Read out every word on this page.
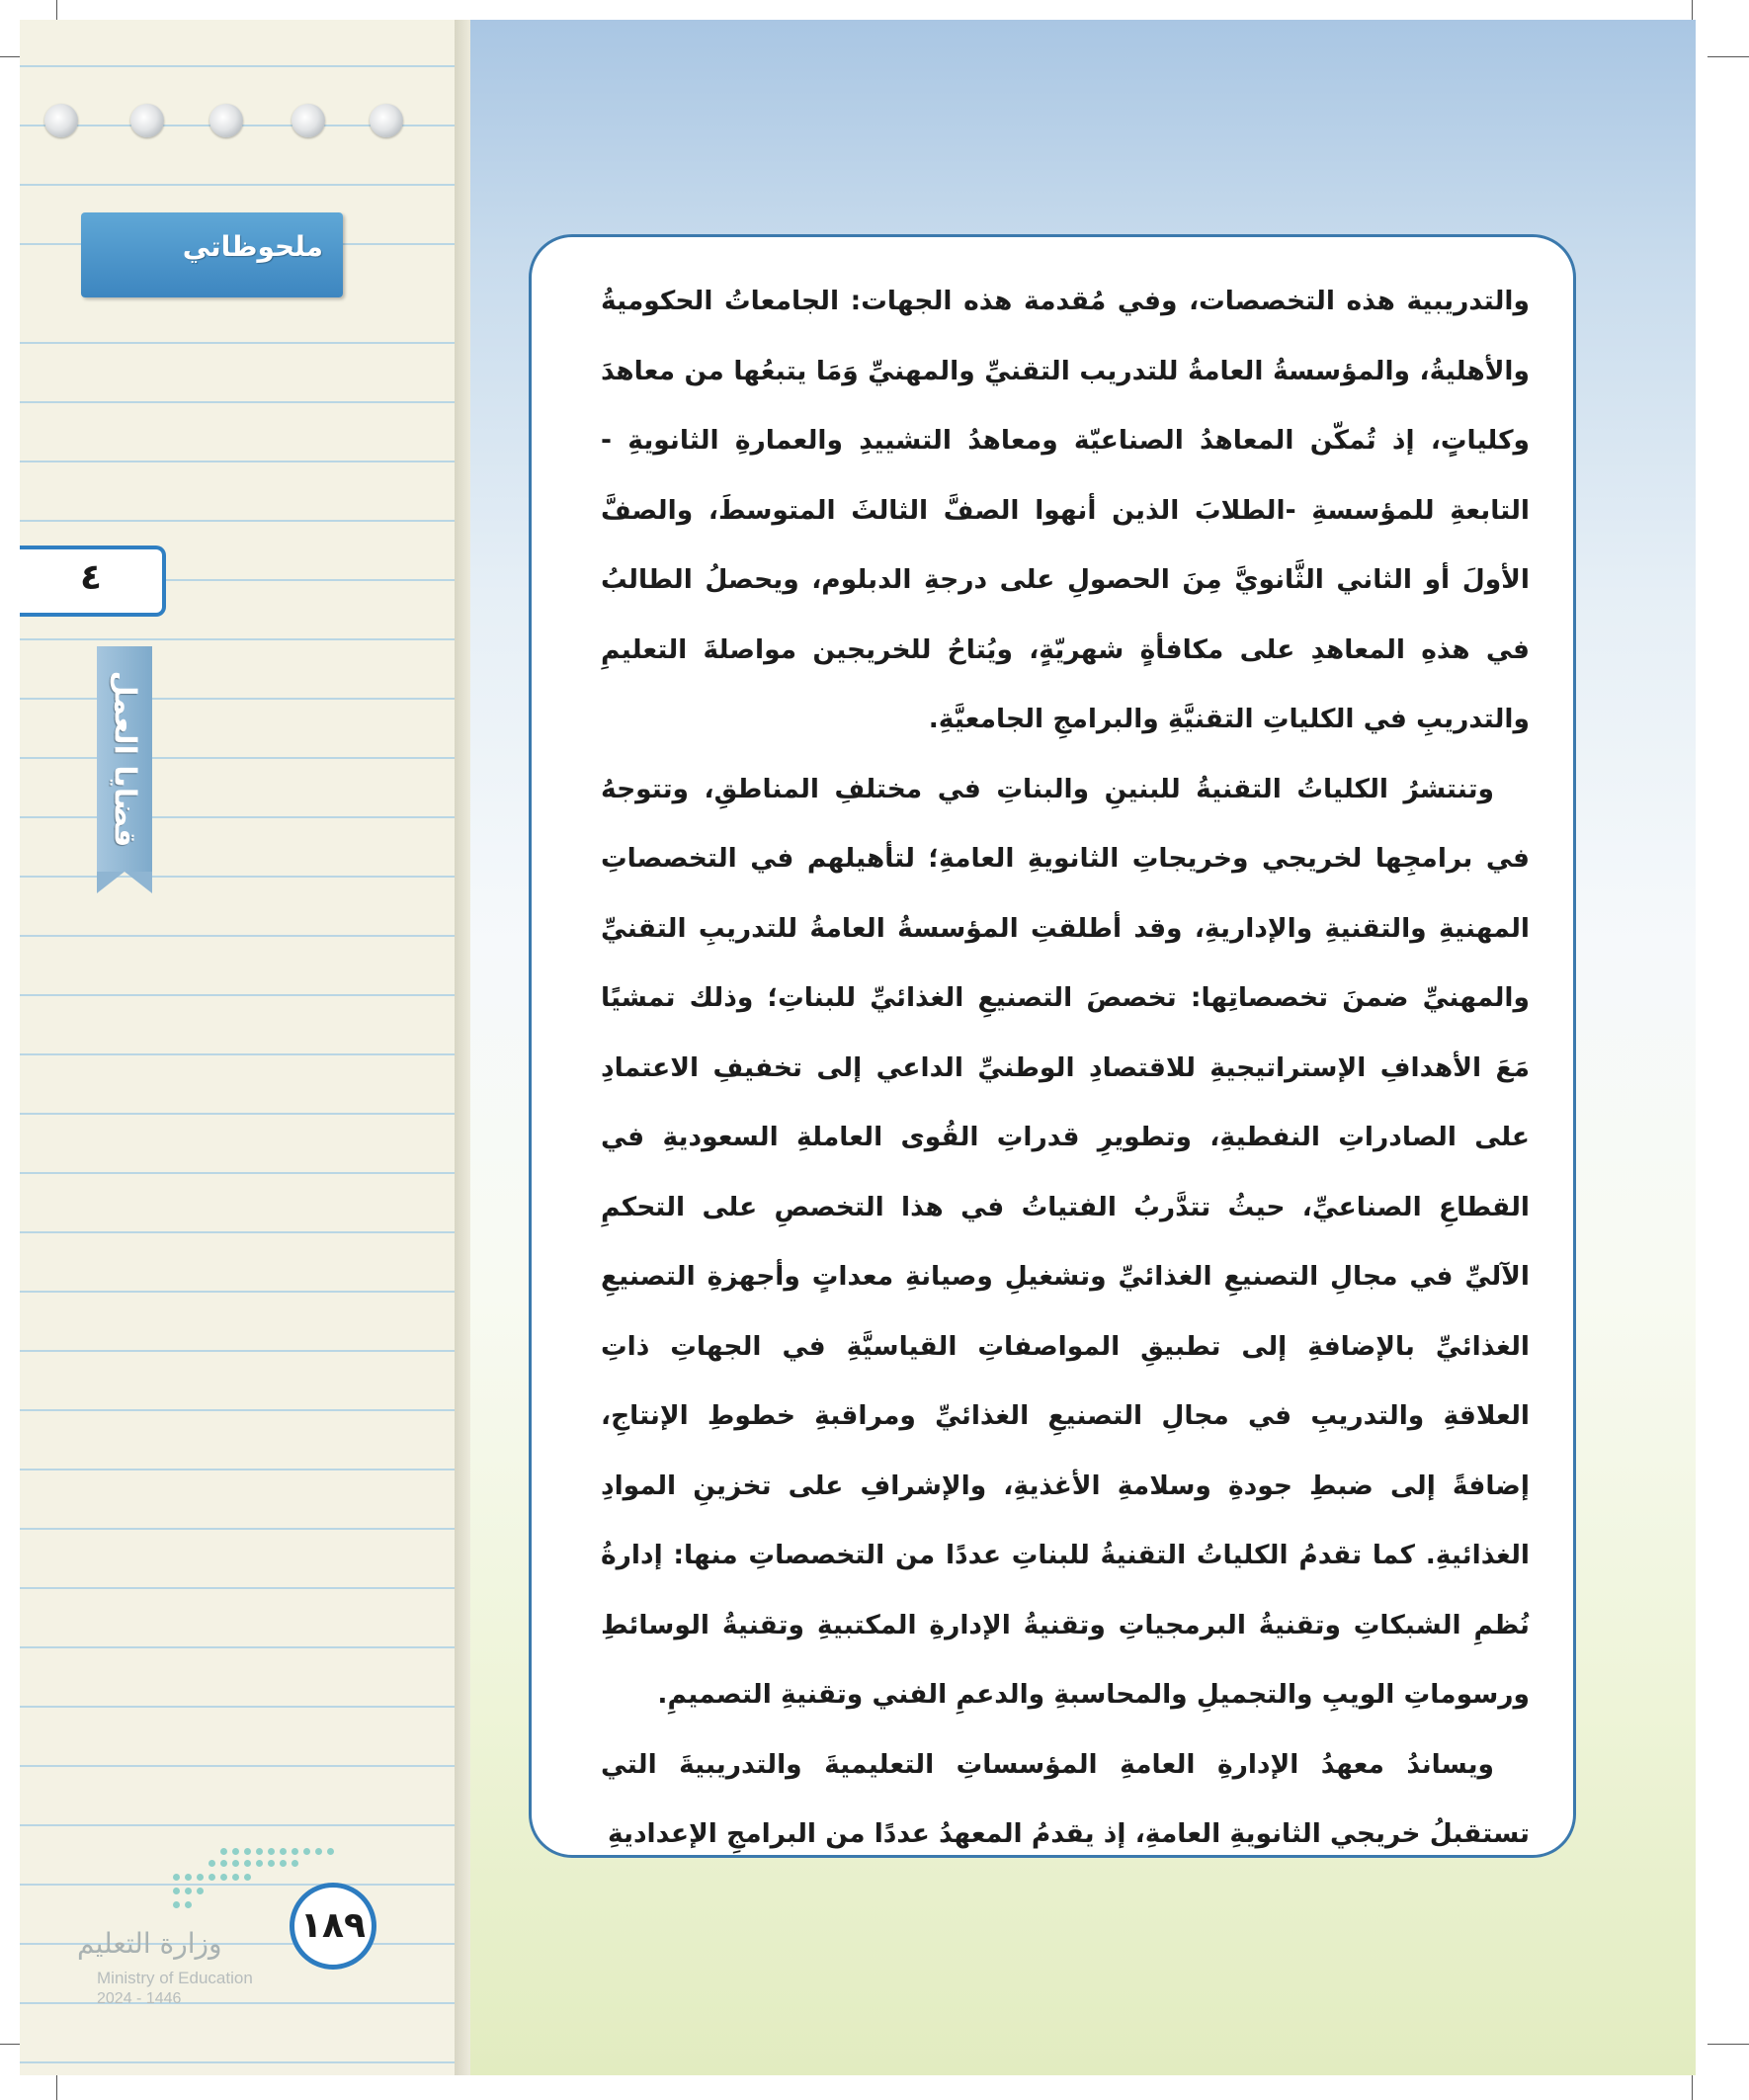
ملحوظاتي
٤
قضايا العمل
وزارة التعليم
Ministry of Education
2024 - 1446
١٨٩

والتدريبية هذه التخصصات، وفي مُقدمة هذه الجهات: الجامعاتُ الحكوميةُ والأهليةُ، والمؤسسةُ العامةُ للتدريب التقنيِّ والمهنيِّ وَمَا يتبعُها من معاهدَ وكلياتٍ، إذ تُمكّن المعاهدُ الصناعيّة ومعاهدُ التشييدِ والعمارةِ الثانويةِ - التابعةِ للمؤسسةِ -الطلابَ الذين أنهوا الصفَّ الثالثَ المتوسطَ، والصفَّ الأولَ أو الثاني الثَّانويَّ مِنَ الحصولِ على درجةِ الدبلوم، ويحصلُ الطالبُ في هذهِ المعاهدِ على مكافأةٍ شهريّةٍ، ويُتاحُ للخريجين مواصلةَ التعليمِ والتدريبِ في الكلياتِ التقنيَّةِ والبرامجِ الجامعيَّةِ.

وتنتشرُ الكلياتُ التقنيةُ للبنينِ والبناتِ في مختلفِ المناطقِ، وتتوجهُ في برامجِها لخريجي وخريجاتِ الثانويةِ العامةِ؛ لتأهيلهم في التخصصاتِ المهنيةِ والتقنيةِ والإداريةِ، وقد أطلقتِ المؤسسةُ العامةُ للتدريبِ التقنيِّ والمهنيِّ ضمنَ تخصصاتِها: تخصصَ التصنيعِ الغذائيِّ للبناتِ؛ وذلك تمشيًا مَعَ الأهدافِ الإستراتيجيةِ للاقتصادِ الوطنيِّ الداعي إلى تخفيفِ الاعتمادِ على الصادراتِ النفطيةِ، وتطويرِ قدراتِ القُوى العاملةِ السعوديةِ في القطاعِ الصناعيِّ، حيثُ تتدَّربُ الفتياتُ في هذا التخصصِ على التحكمِ الآليِّ في مجالِ التصنيعِ الغذائيِّ وتشغيلِ وصيانةِ معداتٍ وأجهزةِ التصنيعِ الغذائيِّ بالإضافةِ إلى تطبيقِ المواصفاتِ القياسيَّةِ في الجهاتِ ذاتِ العلاقةِ والتدريبِ في مجالِ التصنيعِ الغذائيِّ ومراقبةِ خطوطِ الإنتاجِ، إضافةً إلى ضبطِ جودةِ وسلامةِ الأغذيةِ، والإشرافِ على تخزينِ الموادِ الغذائيةِ. كما تقدمُ الكلياتُ التقنيةُ للبناتِ عددًا من التخصصاتِ منها: إدارةُ نُظمِ الشبكاتِ وتقنيةُ البرمجياتِ وتقنيةُ الإدارةِ المكتبيةِ وتقنيةُ الوسائطِ ورسوماتِ الويبِ والتجميلِ والمحاسبةِ والدعمِ الفني وتقنيةِ التصميمِ.

ويساندُ معهدُ الإدارةِ العامةِ المؤسساتِ التعليميةَ والتدريبيةَ التي تستقبلُ خريجي الثانويةِ العامةِ، إذ يقدمُ المعهدُ عددًا من البرامجِ الإعداديةِ
